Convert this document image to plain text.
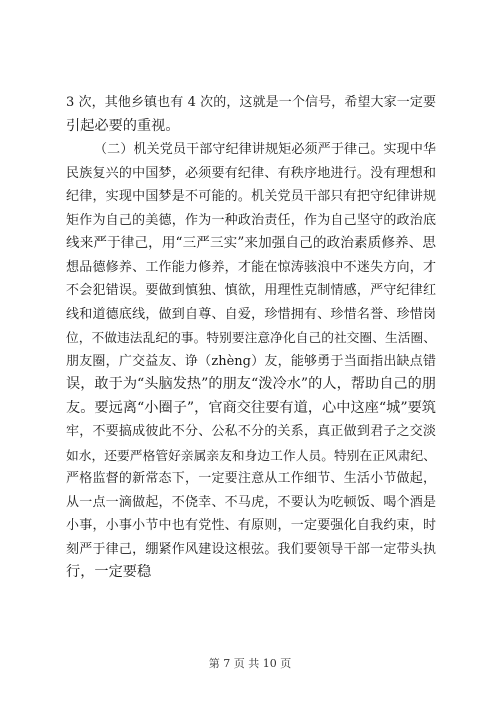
3 次，其他乡镇也有 4 次的，这就是一个信号，希望大家一定要
引起必要的重视。
（二）机关党员干部守纪律讲规矩必须严于律己。实现中华
民族复兴的中国梦，必须要有纪律、有秩序地进行。没有理想和
纪律，实现中国梦是不可能的。机关党员干部只有把守纪律讲规
矩作为自己的美德，作为一种政治责任，作为自己坚守的政治底
线来严于律己，用“三严三实”来加强自己的政治素质修养、思
想品德修养、工作能力修养，才能在惊涛骇浪中不迷失方向，才
不会犯错误。要做到慎独、慎欲，用理性克制情感，严守纪律红
线和道德底线，做到自尊、自爱，珍惜拥有、珍惜名誉、珍惜岗
位，不做违法乱纪的事。特别要注意净化自己的社交圈、生活圈、
朋友圈，广交益友、诤（zhèng）友，能够勇于当面指出缺点错
误，敢于为“头脑发热”的朋友“泼冷水”的人，帮助自己的朋
友。要远离“小圈子”，官商交往要有道，心中这座“城”要筑
牢，不要搞成彼此不分、公私不分的关系，真正做到君子之交淡
如水，还要严格管好亲属亲友和身边工作人员。特别在正风肃纪、
严格监督的新常态下，一定要注意从工作细节、生活小节做起，
从一点一滴做起，不侥幸、不马虎，不要认为吃顿饭、喝个酒是
小事，小事小节中也有党性、有原则，一定要强化自我约束，时
刻严于律己，绷紧作风建设这根弦。我们要领导干部一定带头执
行，一定要稳
第 7 页 共 10 页
